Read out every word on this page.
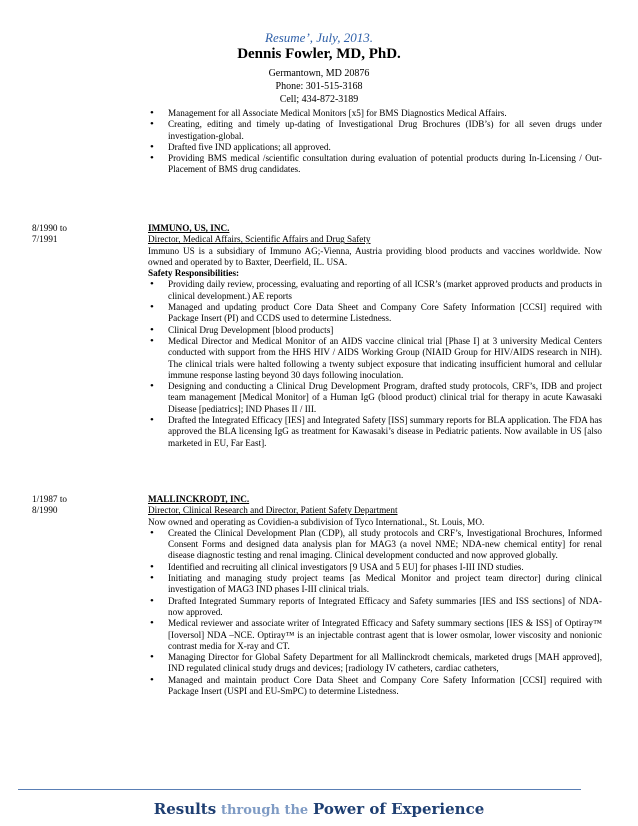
Resume’, July, 2013.
Dennis Fowler, MD, PhD.
Germantown, MD 20876
Phone: 301-515-3168
Cell; 434-872-3189
• Management for all Associate Medical Monitors [x5] for BMS Diagnostics Medical Affairs.
• Creating, editing and timely up-dating of Investigational Drug Brochures (IDB’s) for all seven drugs under investigation-global.
• Drafted five IND applications; all approved.
• Providing BMS medical /scientific consultation during evaluation of potential products during In-Licensing / Out-Placement of BMS drug candidates.
8/1990 to
7/1991
IMMUNO, US, INC.
Director, Medical Affairs, Scientific Affairs and Drug Safety
Immuno US is a subsidiary of Immuno AG;-Vienna, Austria providing blood products and vaccines worldwide. Now owned and operated by to Baxter, Deerfield, IL. USA.
Safety Responsibilities:
• Providing daily review, processing, evaluating and reporting of all ICSR’s (market approved products and products in clinical development.) AE reports
• Managed and updating product Core Data Sheet and Company Core Safety Information [CCSI] required with Package Insert (PI) and CCDS used to determine Listedness.
• Clinical Drug Development [blood products]
• Medical Director and Medical Monitor of an AIDS vaccine clinical trial [Phase I] at 3 university Medical Centers conducted with support from the HHS HIV / AIDS Working Group (NIAID Group for HIV/AIDS research in NIH). The clinical trials were halted following a twenty subject exposure that indicating insufficient humoral and cellular immune response lasting beyond 30 days following inoculation.
• Designing and conducting a Clinical Drug Development Program, drafted study protocols, CRF’s, IDB and project team management [Medical Monitor] of a Human IgG (blood product) clinical trial for therapy in acute Kawasaki Disease [pediatrics]; IND Phases II / III.
• Drafted the Integrated Efficacy [IES] and Integrated Safety [ISS] summary reports for BLA application. The FDA has approved the BLA licensing IgG as treatment for Kawasaki’s disease in Pediatric patients. Now available in US [also marketed in EU, Far East].
1/1987 to
8/1990
MALLINCKRODT, INC.
Director, Clinical Research and Director, Patient Safety Department
Now owned and operating as Covidien-a subdivision of Tyco International., St. Louis, MO.
• Created the Clinical Development Plan (CDP), all study protocols and CRF’s, Investigational Brochures, Informed Consent Forms and designed data analysis plan for MAG3 (a novel NME; NDA-new chemical entity] for renal disease diagnostic testing and renal imaging. Clinical development conducted and now approved globally.
• Identified and recruiting all clinical investigators [9 USA and 5 EU] for phases I-III IND studies.
• Initiating and managing study project teams [as Medical Monitor and project team director] during clinical investigation of MAG3 IND phases I-III clinical trials.
• Drafted Integrated Summary reports of Integrated Efficacy and Safety summaries [IES and ISS sections] of NDA-now approved.
• Medical reviewer and associate writer of Integrated Efficacy and Safety summary sections [IES & ISS] of Optiray™ [Ioversol] NDA –NCE. Optiray™ is an injectable contrast agent that is lower osmolar, lower viscosity and nonionic contrast media for X-ray and CT.
• Managing Director for Global Safety Department for all Mallinckrodt chemicals, marketed drugs [MAH approved], IND regulated clinical study drugs and devices; [radiology IV catheters, cardiac catheters,
• Managed and maintain product Core Data Sheet and Company Core Safety Information [CCSI] required with Package Insert (USPI and EU-SmPC) to determine Listedness.
Results through the Power of Experience
